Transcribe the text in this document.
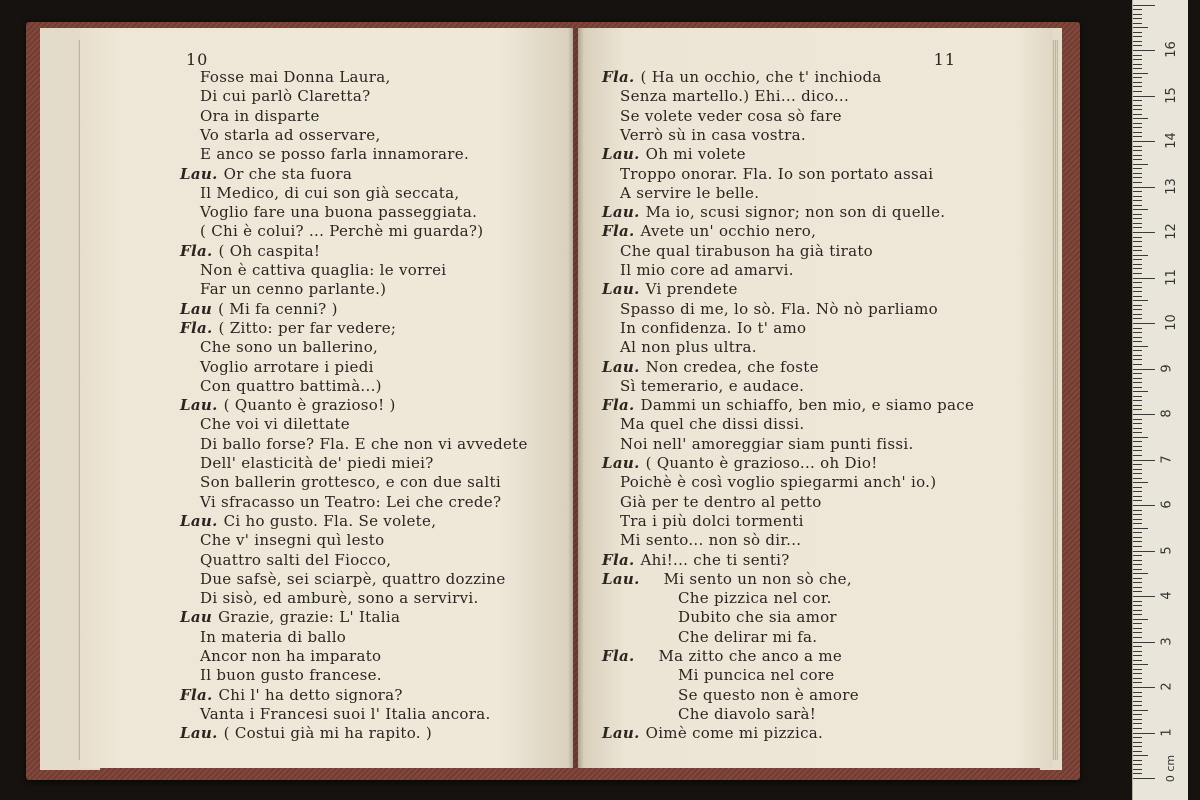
10
Fosse mai Donna Laura,
Di cui parlò Claretta?
Ora in disparte
Vo starla ad osservare,
E anco se posso farla innamorare.
Lau. Or che sta fuora
Il Medico, di cui son già seccata,
Voglio fare una buona passeggiata.
( Chi è colui? ... Perchè mi guarda?)
Fla. ( Oh caspita!
Non è cattiva quaglia: le vorrei
Far un cenno parlante.)
Lau ( Mi fa cenni? )
Fla. ( Zitto: per far vedere;
Che sono un ballerino,
Voglio arrotare i piedi
Con quattro battimà...)
Lau. ( Quanto è grazioso! )
Che voi vi dilettate
Di ballo forse? Fla. E che non vi avvedete
Dell' elasticità de' piedi miei?
Son ballerin grottesco, e con due salti
Vi sfracasso un Teatro: Lei che crede?
Lau. Ci ho gusto. Fla. Se volete,
Che v' insegni quì lesto
Quattro salti del Fiocco,
Due safsè, sei sciarpè, quattro dozzine
Di sisò, ed amburè, sono a servirvi.
Lau Grazie, grazie: L' Italia
In materia di ballo
Ancor non ha imparato
Il buon gusto francese.
Fla. Chi l' ha detto signora?
Vanta i Francesi suoi l' Italia ancora.
Lau. ( Costui già mi ha rapito. )
11
Fla. ( Ha un occhio, che t' inchioda
Senza martello.) Ehi... dico...
Se volete veder cosa sò fare
Verrò sù in casa vostra.
Lau. Oh mi volete
Troppo onorar. Fla. Io son portato assai
A servire le belle.
Lau. Ma io, scusi signor; non son di quelle.
Fla. Avete un' occhio nero,
Che qual tirabuson ha già tirato
Il mio core ad amarvi.
Lau. Vi prendete
Spasso di me, lo sò. Fla. Nò nò parliamo
In confidenza. Io t' amo
Al non plus ultra.
Lau. Non credea, che foste
Sì temerario, e audace.
Fla. Dammi un schiaffo, ben mio, e siamo pace
Ma quel che dissi dissi.
Noi nell' amoreggiar siam punti fissi.
Lau. ( Quanto è grazioso... oh Dio!
Poichè è così voglio spiegarmi anch' io.)
Già per te dentro al petto
Tra i più dolci tormenti
Mi sento... non sò dir...
Fla. Ahi!... che ti senti?
Lau. Mi sento un non sò che,
Che pizzica nel cor.
Dubito che sia amor
Che delirar mi fa.
Fla. Ma zitto che anco a me
Mi puncica nel core
Se questo non è amore
Che diavolo sarà!
Lau. Oimè come mi pizzica.
0 cm
1
2
3
4
5
6
7
8
9
10
11
12
13
14
15
16
